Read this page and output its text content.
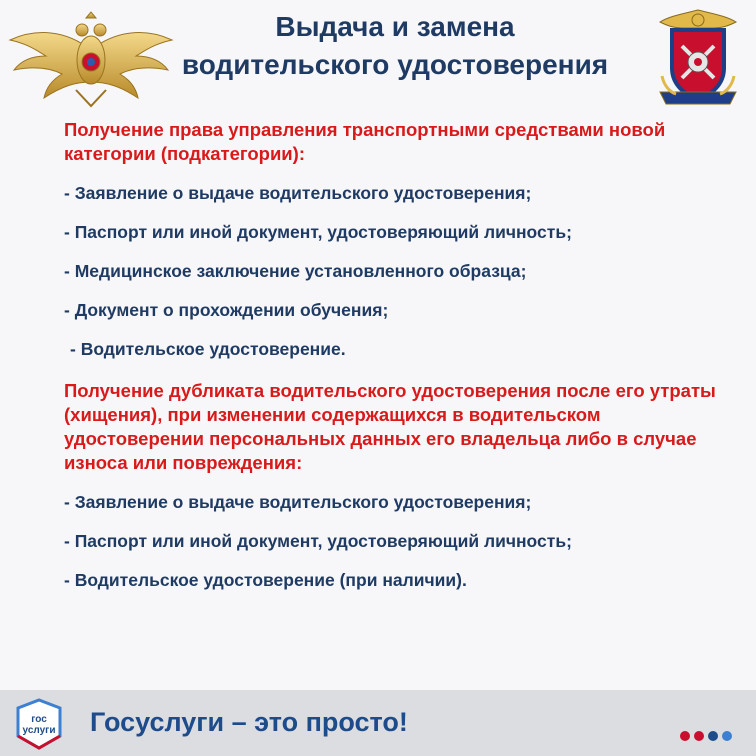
Выдача и замена
водительского удостоверения

Получение права управления транспортными средствами новой категории (подкатегории):

- Заявление о выдаче водительского удостоверения;
- Паспорт или иной документ, удостоверяющий личность;
- Медицинское заключение установленного образца;
- Документ о прохождении обучения;
- Водительское удостоверение.

Получение дубликата водительского удостоверения после его утраты (хищения), при изменении содержащихся в водительском удостоверении персональных данных его владельца либо в случае износа или повреждения:

- Заявление о выдаче водительского удостоверения;
- Паспорт или иной документ, удостоверяющий личность;
- Водительское удостоверение (при наличии).
гос
услуги Госуслуги – это просто!
